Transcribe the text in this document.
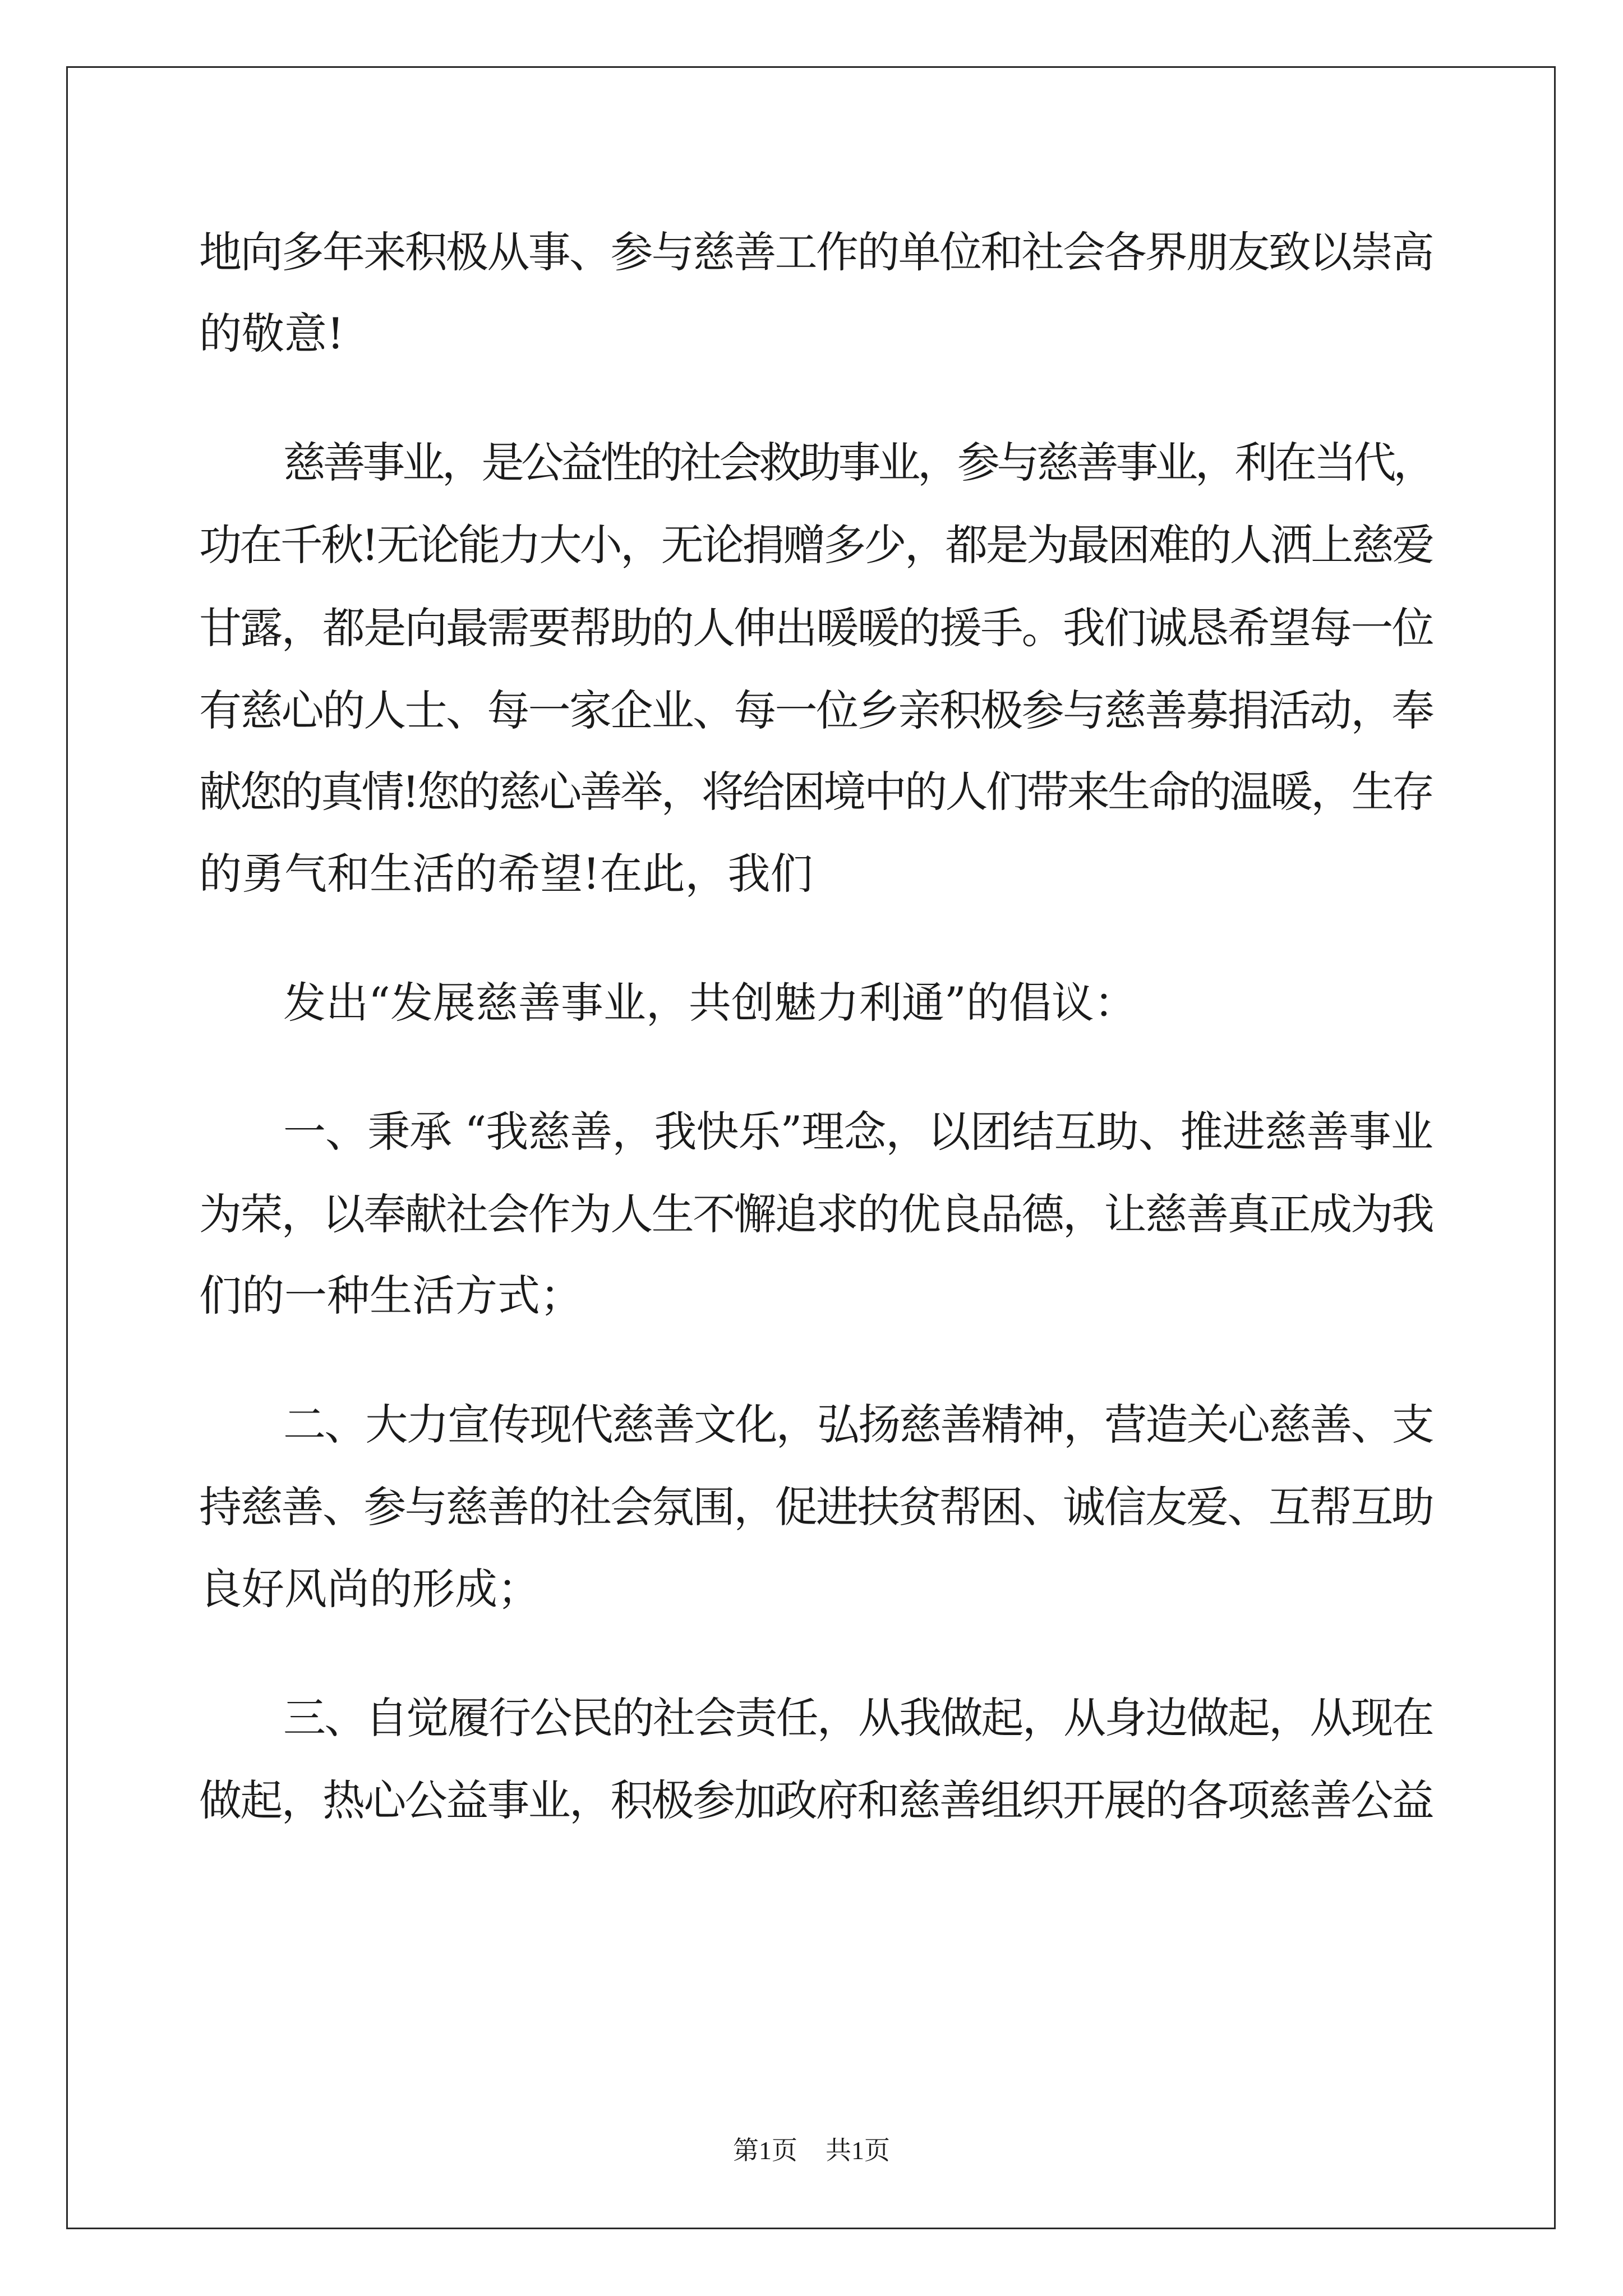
地向多年来积极从事、参与慈善工作的单位和社会各界朋友致以崇高
的敬意!
慈善事业，是公益性的社会救助事业，参与慈善事业，利在当代，
功在千秋!无论能力大小，无论捐赠多少，都是为最困难的人洒上慈爱
甘露，都是向最需要帮助的人伸出暖暖的援手。我们诚恳希望每一位
有慈心的人士、每一家企业、每一位乡亲积极参与慈善募捐活动，奉
献您的真情!您的慈心善举，将给困境中的人们带来生命的温暖，生存
的勇气和生活的希望!在此，我们
发出“发展慈善事业，共创魅力利通”的倡议：
一、秉承 “我慈善，我快乐”理念，以团结互助、推进慈善事业
为荣，以奉献社会作为人生不懈追求的优良品德，让慈善真正成为我
们的一种生活方式；
二、大力宣传现代慈善文化，弘扬慈善精神，营造关心慈善、支
持慈善、参与慈善的社会氛围，促进扶贫帮困、诚信友爱、互帮互助
良好风尚的形成；
三、自觉履行公民的社会责任，从我做起，从身边做起，从现在
做起，热心公益事业，积极参加政府和慈善组织开展的各项慈善公益
第1页 共1页
